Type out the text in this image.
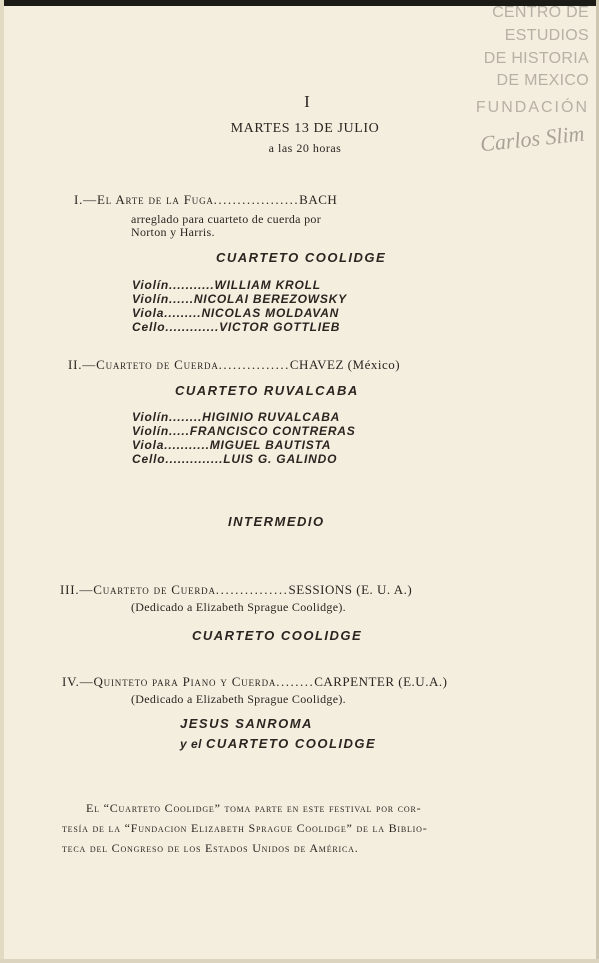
CENTRO DE
ESTUDIOS
DE HISTORIA
DE MEXICO
FUNDACIÓN
Carlos Slim
I
MARTES 13 DE JULIO
a las 20 horas
I.—El Arte de la Fuga..................BACH
arreglado para cuarteto de cuerda por
Norton y Harris.
CUARTETO COOLIDGE
Violín...........WILLIAM KROLL
Violín......NICOLAI BEREZOWSKY
Viola.........NICOLAS MOLDAVAN
Cello.............VICTOR GOTTLIEB
II.—Cuarteto de Cuerda...............CHAVEZ (México)
CUARTETO RUVALCABA
Violín........HIGINIO RUVALCABA
Violín.....FRANCISCO CONTRERAS
Viola...........MIGUEL BAUTISTA
Cello..............LUIS G. GALINDO
INTERMEDIO
III.—Cuarteto de Cuerda...............SESSIONS (E. U. A.)
(Dedicado a Elizabeth Sprague Coolidge).
CUARTETO COOLIDGE
IV.—Quinteto para Piano y Cuerda........CARPENTER (E.U.A.)
(Dedicado a Elizabeth Sprague Coolidge).
JESUS SANROMA
y el CUARTETO COOLIDGE
El “Cuarteto Coolidge” toma parte en este festival por cor-
tesía de la “Fundacion Elizabeth Sprague Coolidge” de la Biblio-
teca del Congreso de los Estados Unidos de América.
